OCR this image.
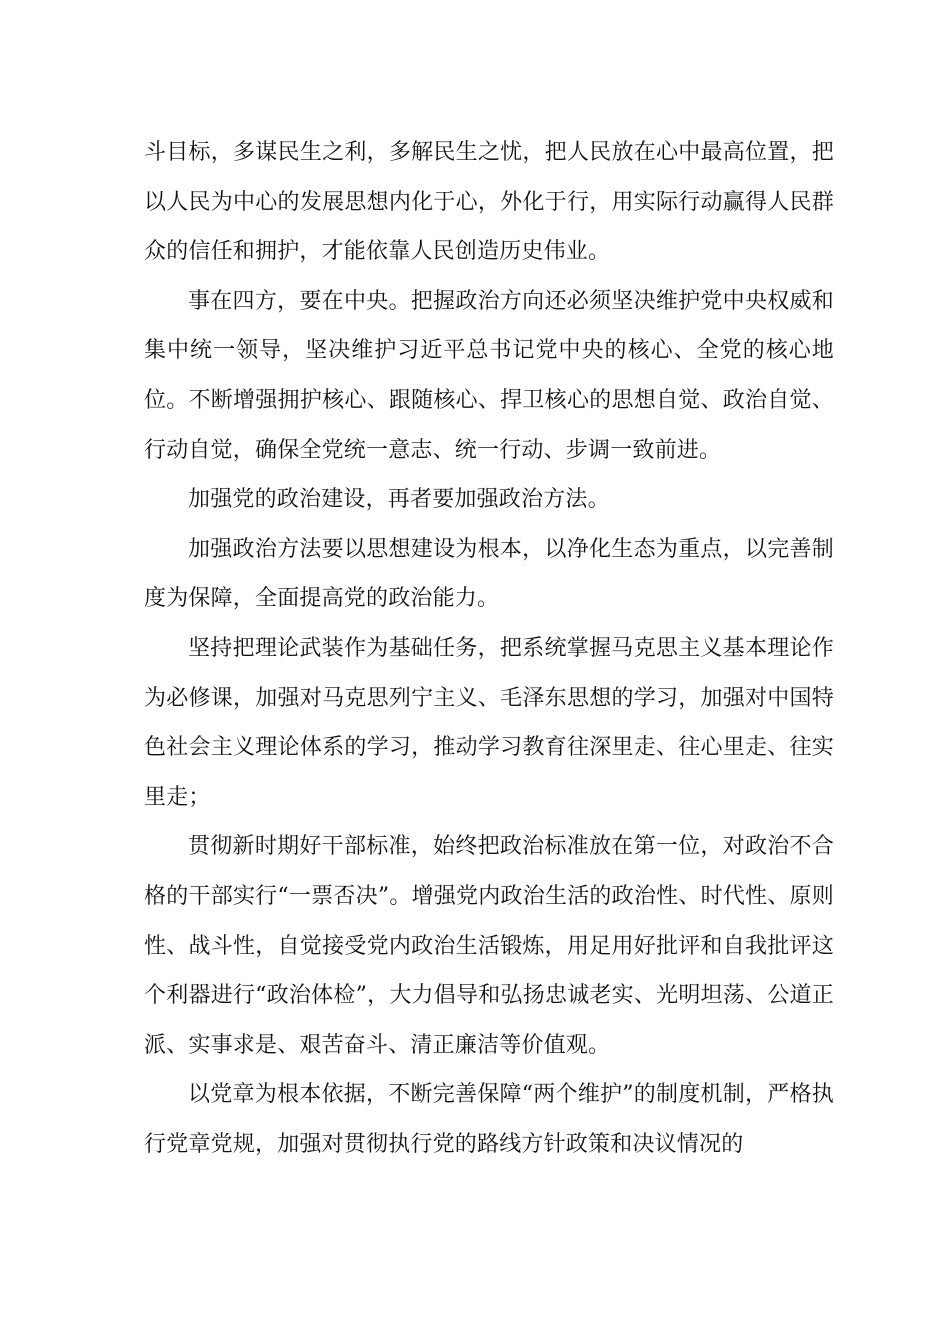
斗目标，多谋民生之利，多解民生之忧，把人民放在心中最高位置，把以人民为中心的发展思想内化于心，外化于行，用实际行动赢得人民群众的信任和拥护，才能依靠人民创造历史伟业。

事在四方，要在中央。把握政治方向还必须坚决维护党中央权威和集中统一领导，坚决维护习近平总书记党中央的核心、全党的核心地位。不断增强拥护核心、跟随核心、捍卫核心的思想自觉、政治自觉、行动自觉，确保全党统一意志、统一行动、步调一致前进。

加强党的政治建设，再者要加强政治方法。

加强政治方法要以思想建设为根本，以净化生态为重点，以完善制度为保障，全面提高党的政治能力。

坚持把理论武装作为基础任务，把系统掌握马克思主义基本理论作为必修课，加强对马克思列宁主义、毛泽东思想的学习，加强对中国特色社会主义理论体系的学习，推动学习教育往深里走、往心里走、往实里走；

贯彻新时期好干部标准，始终把政治标准放在第一位，对政治不合格的干部实行“一票否决”。增强党内政治生活的政治性、时代性、原则性、战斗性，自觉接受党内政治生活锻炼，用足用好批评和自我批评这个利器进行“政治体检”，大力倡导和弘扬忠诚老实、光明坦荡、公道正派、实事求是、艰苦奋斗、清正廉洁等价值观。

以党章为根本依据，不断完善保障“两个维护”的制度机制，严格执行党章党规，加强对贯彻执行党的路线方针政策和决议情况的
